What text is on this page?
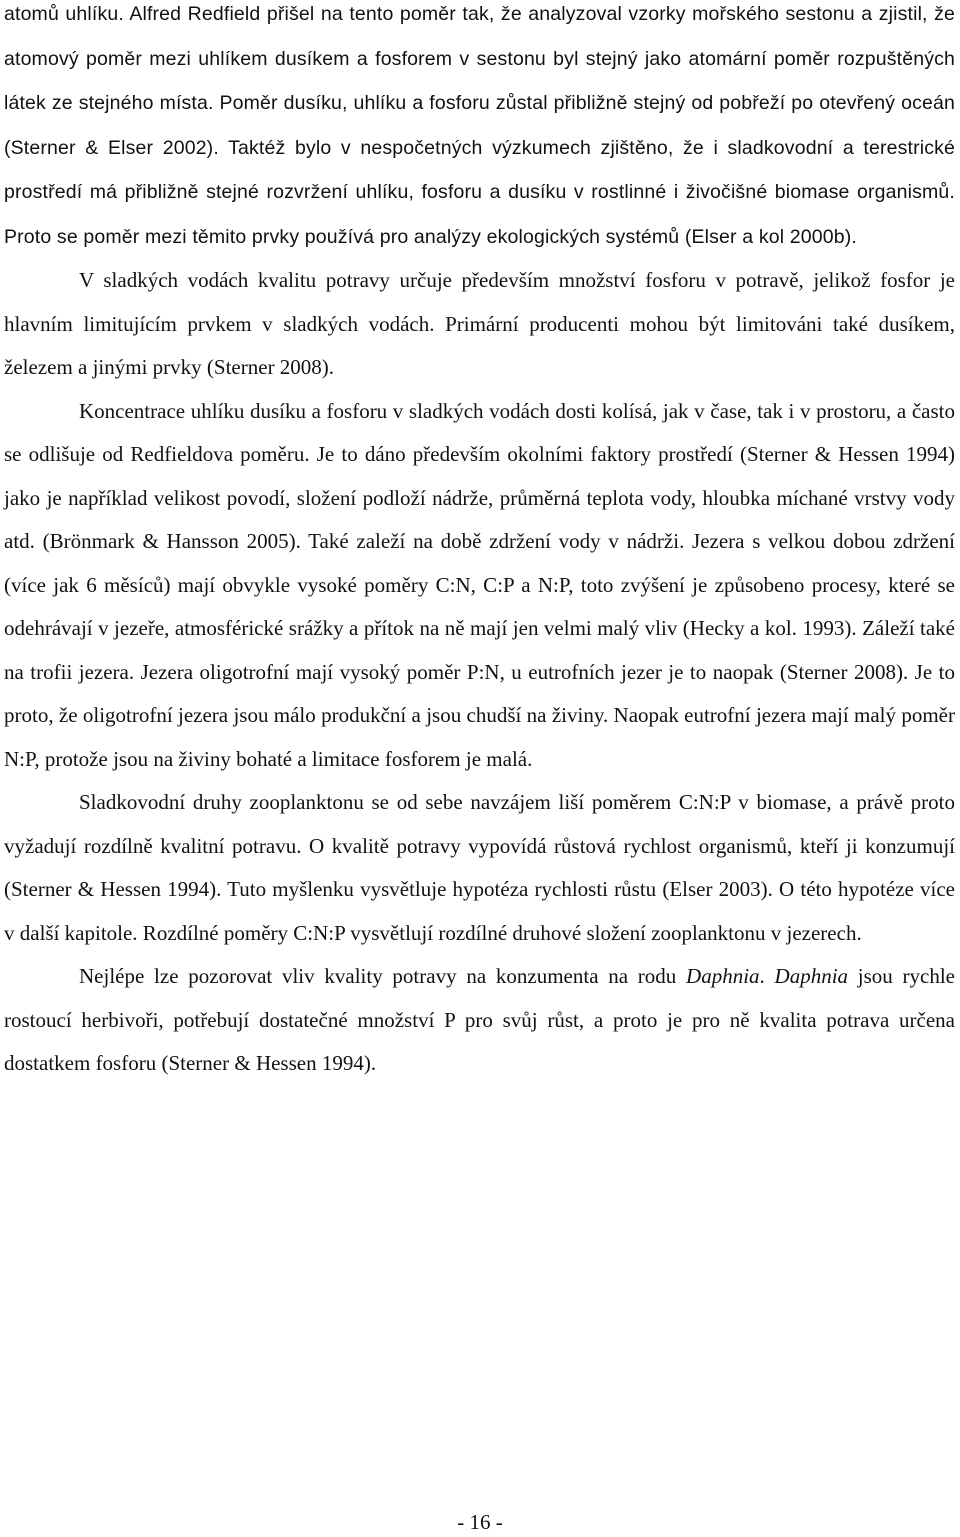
atomů uhlíku. Alfred Redfield přišel na tento poměr tak, že analyzoval vzorky mořského sestonu a zjistil, že atomový poměr mezi uhlíkem dusíkem a fosforem v sestonu byl stejný jako atomární poměr rozpuštěných látek ze stejného místa. Poměr dusíku, uhlíku a fosforu zůstal přibližně stejný od pobřeží po otevřený oceán (Sterner & Elser 2002). Taktéž bylo v nespočetných výzkumech zjištěno, že i sladkovodní a terestrické prostředí má přibližně stejné rozvržení uhlíku, fosforu a dusíku v rostlinné i živočišné biomase organismů. Proto se poměr mezi těmito prvky používá pro analýzy ekologických systémů (Elser a kol 2000b).

V sladkých vodách kvalitu potravy určuje především množství fosforu v potravě, jelikož fosfor je hlavním limitujícím prvkem v sladkých vodách. Primární producenti mohou být limitováni také dusíkem, železem a jinými prvky (Sterner 2008).

Koncentrace uhlíku dusíku a fosforu v sladkých vodách dosti kolísá, jak v čase, tak i v prostoru, a často se odlišuje od Redfieldova poměru. Je to dáno především okolními faktory prostředí (Sterner & Hessen 1994) jako je například velikost povodí, složení podloží nádrže, průměrná teplota vody, hloubka míchané vrstvy vody atd. (Brönmark & Hansson 2005). Také zaleží na době zdržení vody v nádrži. Jezera s velkou dobou zdržení (více jak 6 měsíců) mají obvykle vysoké poměry C:N, C:P a N:P, toto zvýšení je způsobeno procesy, které se odehrávají v jezeře, atmosférické srážky a přítok na ně mají jen velmi malý vliv (Hecky a kol. 1993). Záleží také na trofii jezera. Jezera oligotrofní mají vysoký poměr P:N, u eutrofních jezer je to naopak (Sterner 2008). Je to proto, že oligotrofní jezera jsou málo produkční a jsou chudší na živiny. Naopak eutrofní jezera mají malý poměr N:P, protože jsou na živiny bohaté a limitace fosforem je malá.

Sladkovodní druhy zooplanktonu se od sebe navzájem liší poměrem C:N:P v biomase, a právě proto vyžadují rozdílně kvalitní potravu. O kvalitě potravy vypovídá růstová rychlost organismů, kteří ji konzumují (Sterner & Hessen 1994). Tuto myšlenku vysvětluje hypotéza rychlosti růstu (Elser 2003). O této hypotéze více v další kapitole. Rozdílné poměry C:N:P vysvětlují rozdílné druhové složení zooplanktonu v jezerech.

Nejlépe lze pozorovat vliv kvality potravy na konzumenta na rodu Daphnia. Daphnia jsou rychle rostoucí herbivoři, potřebují dostatečné množství P pro svůj růst, a proto je pro ně kvalita potrava určena dostatkem fosforu (Sterner & Hessen 1994).

- 16 -
